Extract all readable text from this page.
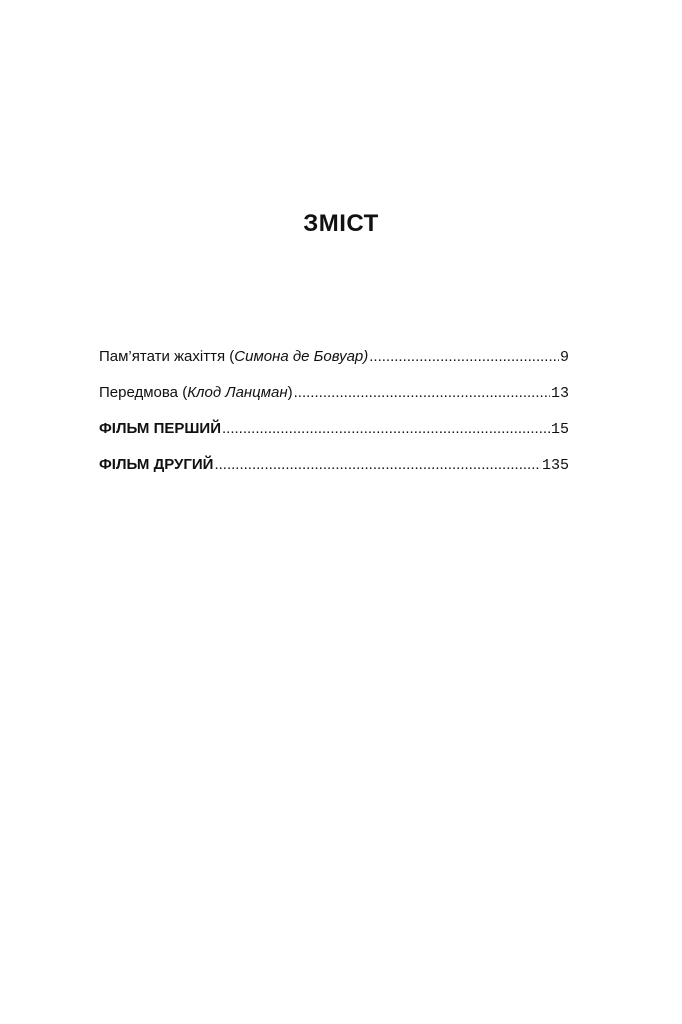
ЗМІСТ
Пам’ятати жахіття (Симона де Бовуар) .....	9
Передмова (Клод Ланцман) .....	13
ФІЛЬМ ПЕРШИЙ .....	15
ФІЛЬМ ДРУГИЙ .....	135
